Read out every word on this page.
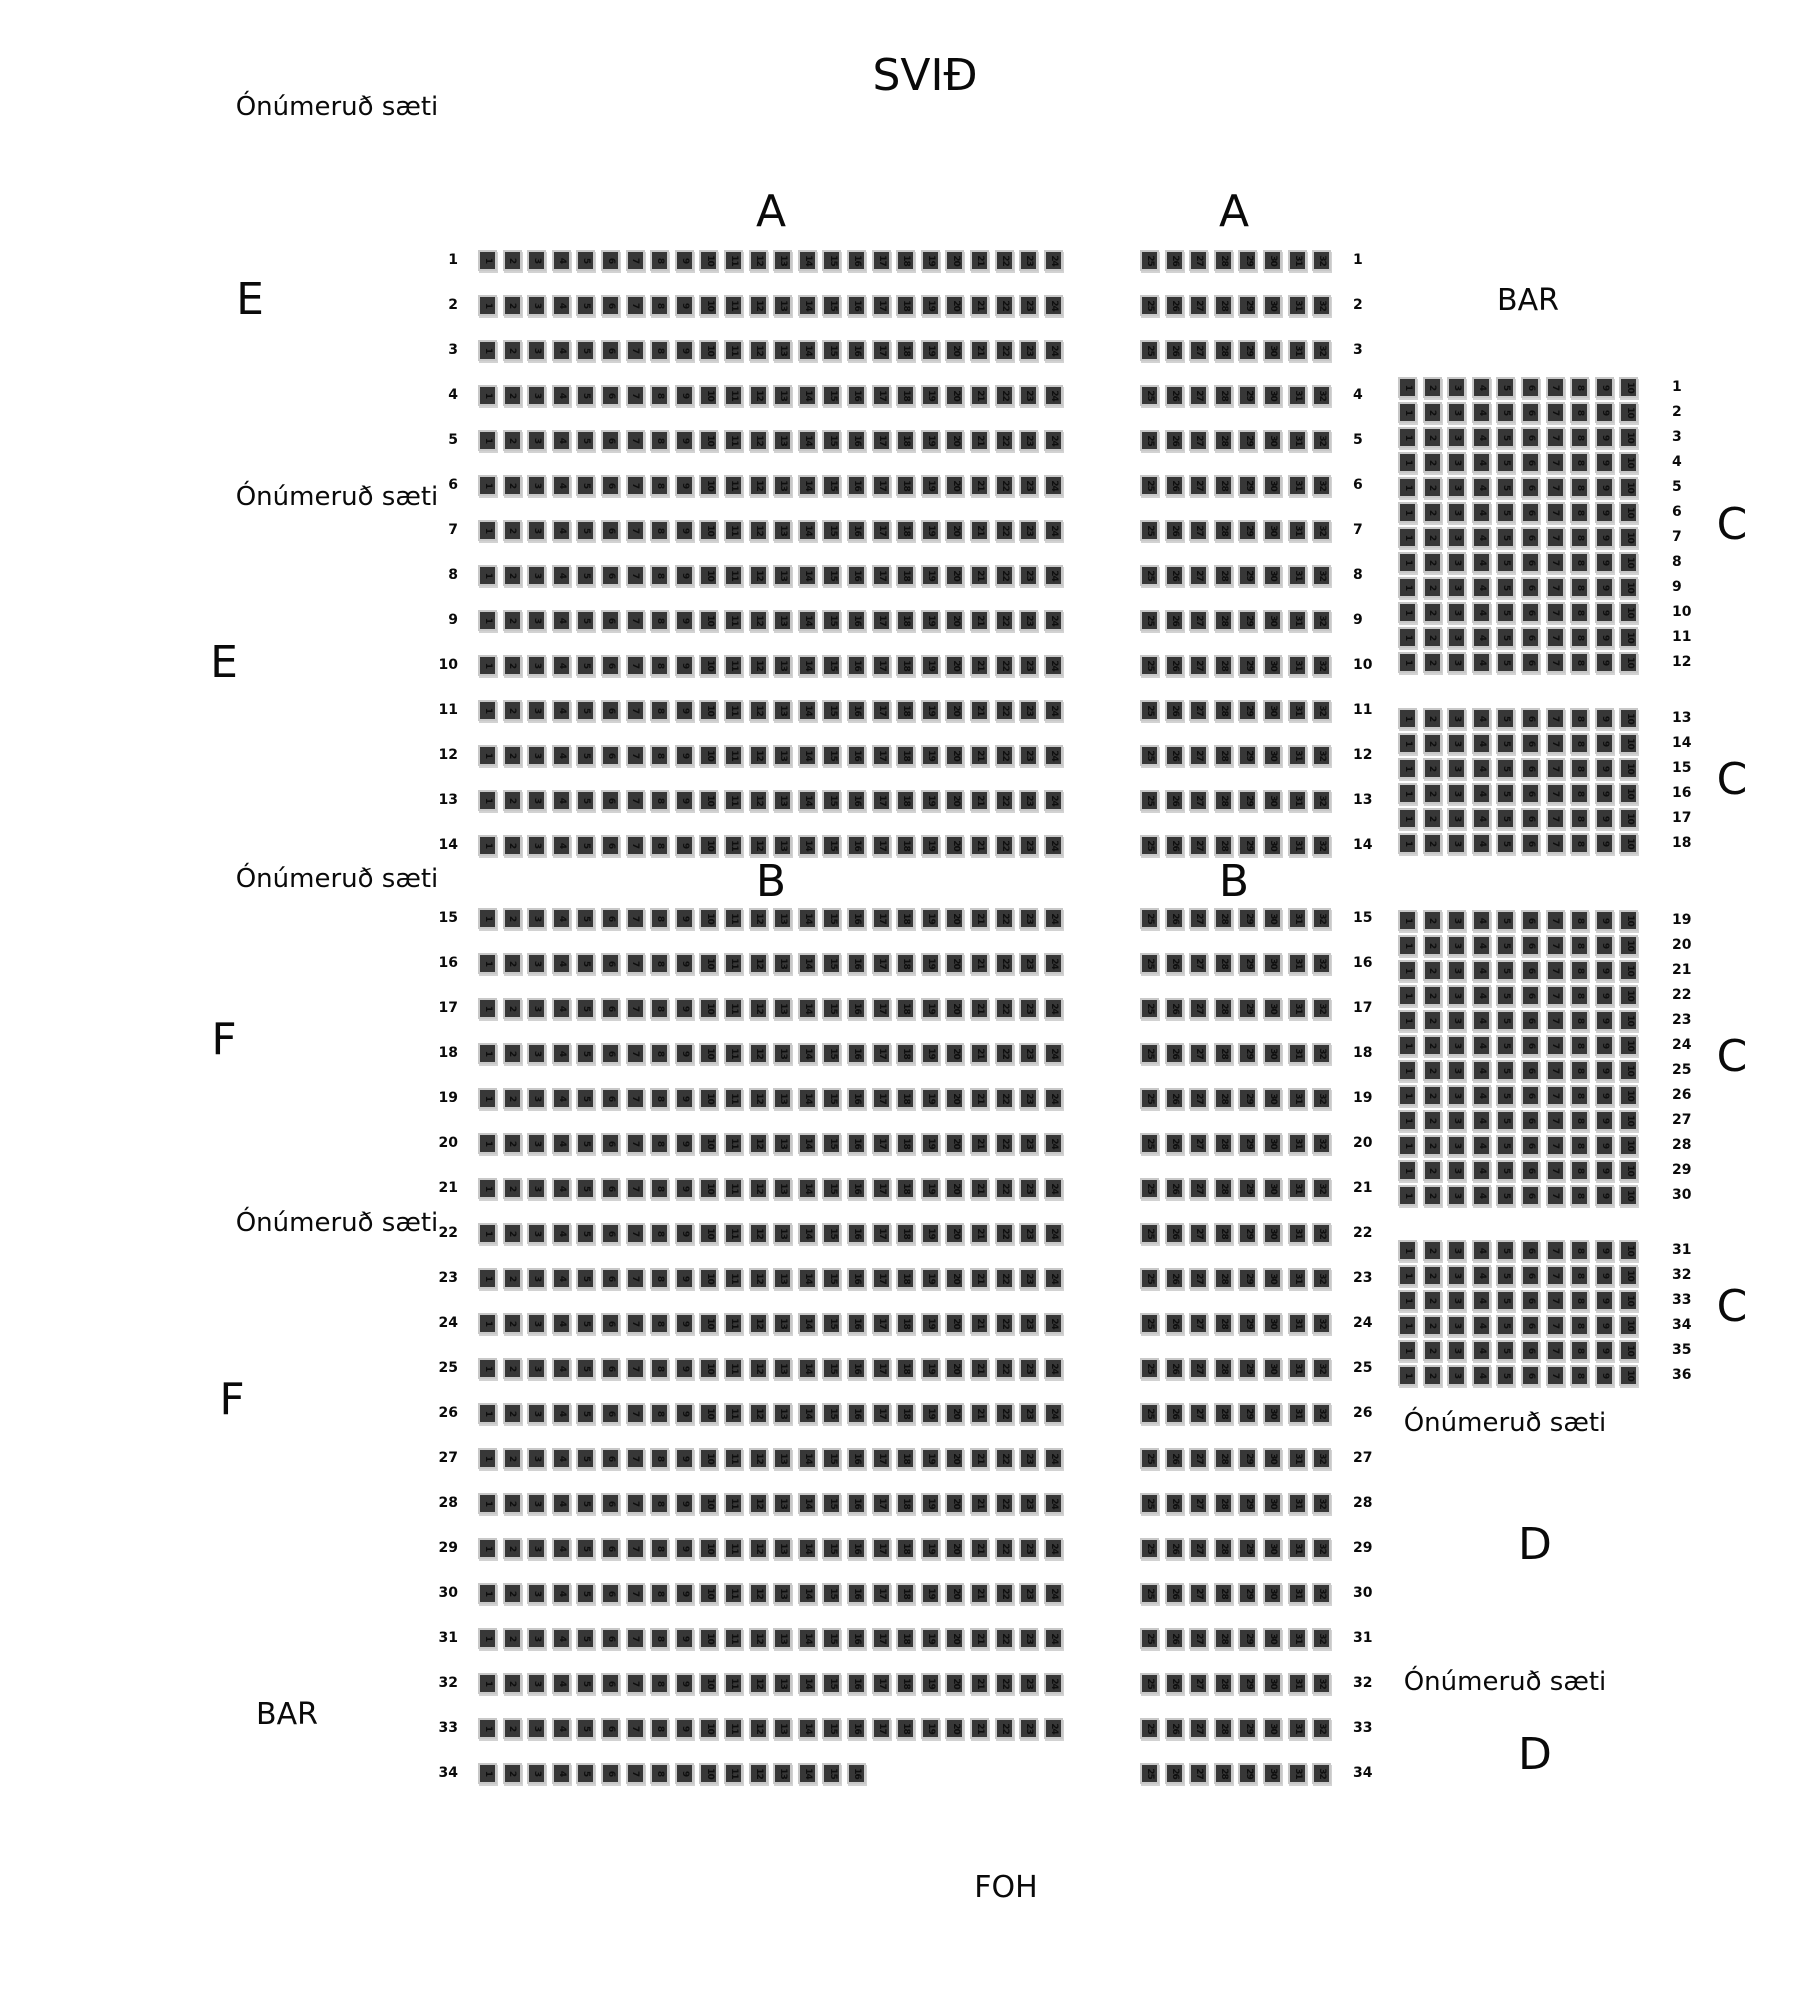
SVIÐ
Ónúmeruð sæti
A	A
E	BAR
Ónúmeruð sæti
C
E
C
B	B
Ónúmeruð sæti
F	C
Ónúmeruð sæti
C
F	Ónúmeruð sæti
D
Ónúmeruð sæti
BAR
D
FOH
1	1 2 3 4 5 6 7 8 9 10 11 12 13 14 15 16 17 18 19 20 21 22 23 24	25 26 27 28 29 30 31 32 1
2	1 2 3 4 5 6 7 8 9 10 11 12 13 14 15 16 17 18 19 20 21 22 23 24	25 26 27 28 29 30 31 32 2
3	1 2 3 4 5 6 7 8 9 10 11 12 13 14 15 16 17 18 19 20 21 22 23 24	25 26 27 28 29 30 31 32 3
4	1 2 3 4 5 6 7 8 9 10 11 12 13 14 15 16 17 18 19 20 21 22 23 24	25 26 27 28 29 30 31 32 4
5	1 2 3 4 5 6 7 8 9 10 11 12 13 14 15 16 17 18 19 20 21 22 23 24	25 26 27 28 29 30 31 32 5
6	1 2 3 4 5 6 7 8 9 10 11 12 13 14 15 16 17 18 19 20 21 22 23 24	25 26 27 28 29 30 31 32 6
7	1 2 3 4 5 6 7 8 9 10 11 12 13 14 15 16 17 18 19 20 21 22 23 24	25 26 27 28 29 30 31 32 7
8	1 2 3 4 5 6 7 8 9 10 11 12 13 14 15 16 17 18 19 20 21 22 23 24	25 26 27 28 29 30 31 32 8
9	1 2 3 4 5 6 7 8 9 10 11 12 13 14 15 16 17 18 19 20 21 22 23 24	25 26 27 28 29 30 31 32 9
10	1 2 3 4 5 6 7 8 9 10 11 12 13 14 15 16 17 18 19 20 21 22 23 24	25 26 27 28 29 30 31 32 10
11	1 2 3 4 5 6 7 8 9 10 11 12 13 14 15 16 17 18 19 20 21 22 23 24	25 26 27 28 29 30 31 32 11
12	1 2 3 4 5 6 7 8 9 10 11 12 13 14 15 16 17 18 19 20 21 22 23 24	25 26 27 28 29 30 31 32 12
13	1 2 3 4 5 6 7 8 9 10 11 12 13 14 15 16 17 18 19 20 21 22 23 24	25 26 27 28 29 30 31 32 13
14	1 2 3 4 5 6 7 8 9 10 11 12 13 14 15 16 17 18 19 20 21 22 23 24	25 26 27 28 29 30 31 32 14
15	1 2 3 4 5 6 7 8 9 10 11 12 13 14 15 16 17 18 19 20 21 22 23 24	25 26 27 28 29 30 31 32 15
16	1 2 3 4 5 6 7 8 9 10 11 12 13 14 15 16 17 18 19 20 21 22 23 24	25 26 27 28 29 30 31 32 16
17	1 2 3 4 5 6 7 8 9 10 11 12 13 14 15 16 17 18 19 20 21 22 23 24	25 26 27 28 29 30 31 32 17
18	1 2 3 4 5 6 7 8 9 10 11 12 13 14 15 16 17 18 19 20 21 22 23 24	25 26 27 28 29 30 31 32 18
19	1 2 3 4 5 6 7 8 9 10 11 12 13 14 15 16 17 18 19 20 21 22 23 24	25 26 27 28 29 30 31 32 19
20	1 2 3 4 5 6 7 8 9 10 11 12 13 14 15 16 17 18 19 20 21 22 23 24	25 26 27 28 29 30 31 32 20
21	1 2 3 4 5 6 7 8 9 10 11 12 13 14 15 16 17 18 19 20 21 22 23 24	25 26 27 28 29 30 31 32 21
22	1 2 3 4 5 6 7 8 9 10 11 12 13 14 15 16 17 18 19 20 21 22 23 24	25 26 27 28 29 30 31 32 22
23	1 2 3 4 5 6 7 8 9 10 11 12 13 14 15 16 17 18 19 20 21 22 23 24	25 26 27 28 29 30 31 32 23
24	1 2 3 4 5 6 7 8 9 10 11 12 13 14 15 16 17 18 19 20 21 22 23 24	25 26 27 28 29 30 31 32 24
25	1 2 3 4 5 6 7 8 9 10 11 12 13 14 15 16 17 18 19 20 21 22 23 24	25 26 27 28 29 30 31 32 25
26	1 2 3 4 5 6 7 8 9 10 11 12 13 14 15 16 17 18 19 20 21 22 23 24	25 26 27 28 29 30 31 32 26
27	1 2 3 4 5 6 7 8 9 10 11 12 13 14 15 16 17 18 19 20 21 22 23 24	25 26 27 28 29 30 31 32 27
28	1 2 3 4 5 6 7 8 9 10 11 12 13 14 15 16 17 18 19 20 21 22 23 24	25 26 27 28 29 30 31 32 28
29	1 2 3 4 5 6 7 8 9 10 11 12 13 14 15 16 17 18 19 20 21 22 23 24	25 26 27 28 29 30 31 32 29
30	1 2 3 4 5 6 7 8 9 10 11 12 13 14 15 16 17 18 19 20 21 22 23 24	25 26 27 28 29 30 31 32 30
31	1 2 3 4 5 6 7 8 9 10 11 12 13 14 15 16 17 18 19 20 21 22 23 24	25 26 27 28 29 30 31 32 31
32	1 2 3 4 5 6 7 8 9 10 11 12 13 14 15 16 17 18 19 20 21 22 23 24	25 26 27 28 29 30 31 32 32
33	1 2 3 4 5 6 7 8 9 10 11 12 13 14 15 16 17 18 19 20 21 22 23 24	25 26 27 28 29 30 31 32 33
34	1 2 3 4 5 6 7 8 9 10 11 12 13 14 15 16	25 26 27 28 29 30 31 32 34
1 2 3 4 5 6 7 8 9 10	1
1 2 3 4 5 6 7 8 9 10	2
1 2 3 4 5 6 7 8 9 10	3
1 2 3 4 5 6 7 8 9 10	4
1 2 3 4 5 6 7 8 9 10	5
1 2 3 4 5 6 7 8 9 10	6
1 2 3 4 5 6 7 8 9 10	7
1 2 3 4 5 6 7 8 9 10	8
1 2 3 4 5 6 7 8 9 10	9
1 2 3 4 5 6 7 8 9 10	10
1 2 3 4 5 6 7 8 9 10	11
1 2 3 4 5 6 7 8 9 10	12
1 2 3 4 5 6 7 8 9 10	13
1 2 3 4 5 6 7 8 9 10	14
1 2 3 4 5 6 7 8 9 10	15
1 2 3 4 5 6 7 8 9 10	16
1 2 3 4 5 6 7 8 9 10	17
1 2 3 4 5 6 7 8 9 10	18
1 2 3 4 5 6 7 8 9 10	19
1 2 3 4 5 6 7 8 9 10	20
1 2 3 4 5 6 7 8 9 10	21
1 2 3 4 5 6 7 8 9 10	22
1 2 3 4 5 6 7 8 9 10	23
1 2 3 4 5 6 7 8 9 10	24
1 2 3 4 5 6 7 8 9 10	25
1 2 3 4 5 6 7 8 9 10	26
1 2 3 4 5 6 7 8 9 10	27
1 2 3 4 5 6 7 8 9 10	28
1 2 3 4 5 6 7 8 9 10	29
1 2 3 4 5 6 7 8 9 10	30
1 2 3 4 5 6 7 8 9 10	31
1 2 3 4 5 6 7 8 9 10	32
1 2 3 4 5 6 7 8 9 10	33
1 2 3 4 5 6 7 8 9 10	34
1 2 3 4 5 6 7 8 9 10	35
1 2 3 4 5 6 7 8 9 10	36
